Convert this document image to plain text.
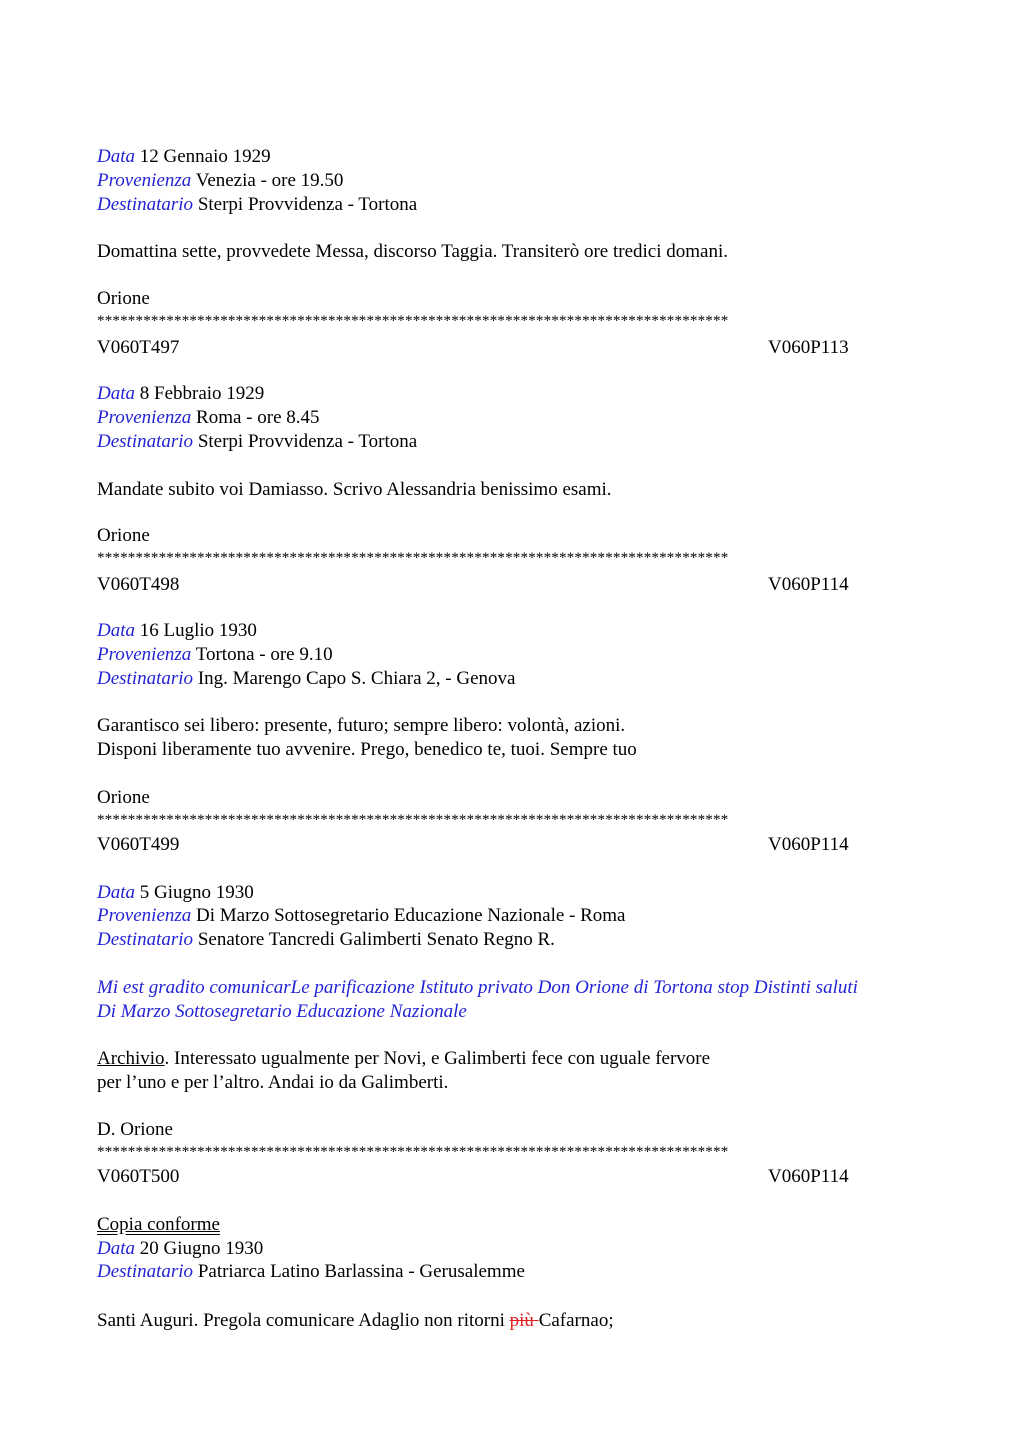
Data 12 Gennaio 1929
Provenienza Venezia - ore 19.50
Destinatario Sterpi Provvidenza - Tortona
Domattina sette, provvedete Messa, discorso Taggia. Transiterò ore tredici domani.
Orione
**********************************************************************************
V060T497	V060P113
Data 8 Febbraio 1929
Provenienza Roma - ore 8.45
Destinatario Sterpi Provvidenza - Tortona
Mandate subito voi Damiasso. Scrivo Alessandria benissimo esami.
Orione
**********************************************************************************
V060T498	V060P114
Data 16 Luglio 1930
Provenienza Tortona - ore 9.10
Destinatario Ing. Marengo Capo S. Chiara 2, - Genova
Garantisco sei libero: presente, futuro; sempre libero: volontà, azioni.
Disponi liberamente tuo avvenire. Prego, benedico te, tuoi. Sempre tuo
Orione
**********************************************************************************
V060T499	V060P114
Data 5 Giugno 1930
Provenienza Di Marzo Sottosegretario Educazione Nazionale - Roma
Destinatario Senatore Tancredi Galimberti Senato Regno R.
Mi est gradito comunicarLe parificazione Istituto privato Don Orione di Tortona stop Distinti saluti
Di Marzo Sottosegretario Educazione Nazionale
Archivio. Interessato ugualmente per Novi, e Galimberti fece con uguale fervore
per l’uno e per l’altro. Andai io da Galimberti.
D. Orione
**********************************************************************************
V060T500	V060P114
Copia conforme
Data 20 Giugno 1930
Destinatario Patriarca Latino Barlassina - Gerusalemme
Santi Auguri. Pregola comunicare Adaglio non ritorni più Cafarnao;
